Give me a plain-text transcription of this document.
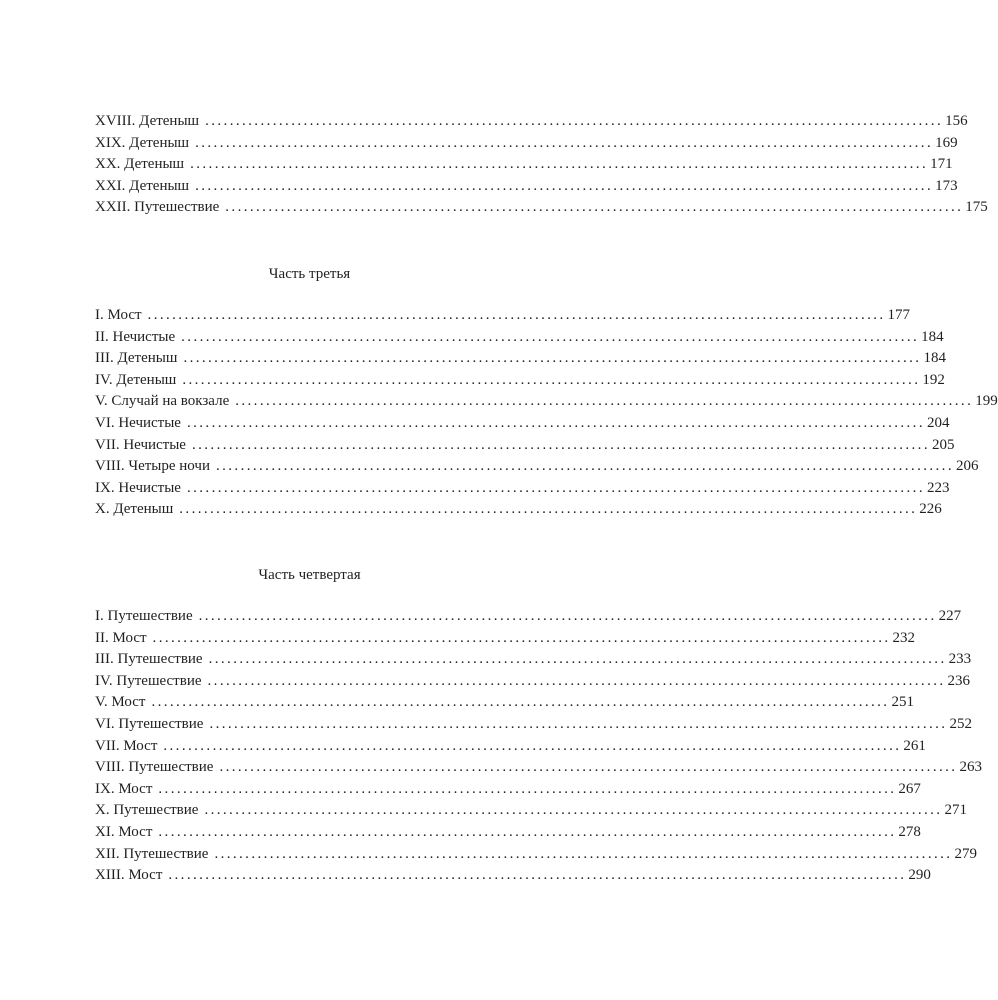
XVIII. Детеныш ........................................................................................................................ 156
XIX. Детеныш ........................................................................................................................ 169
XX. Детеныш ........................................................................................................................ 171
XXI. Детеныш ........................................................................................................................ 173
XXII. Путешествие ........................................................................................................................ 175
Часть третья
I. Мост ........................................................................................................................ 177
II. Нечистые ........................................................................................................................ 184
III. Детеныш ........................................................................................................................ 184
IV. Детеныш ........................................................................................................................ 192
V. Случай на вокзале ........................................................................................................................ 199
VI. Нечистые ........................................................................................................................ 204
VII. Нечистые ........................................................................................................................ 205
VIII. Четыре ночи ........................................................................................................................ 206
IX. Нечистые ........................................................................................................................ 223
X. Детеныш ........................................................................................................................ 226
Часть четвертая
I. Путешествие ........................................................................................................................ 227
II. Мост ........................................................................................................................ 232
III. Путешествие ........................................................................................................................ 233
IV. Путешествие ........................................................................................................................ 236
V. Мост ........................................................................................................................ 251
VI. Путешествие ........................................................................................................................ 252
VII. Мост ........................................................................................................................ 261
VIII. Путешествие ........................................................................................................................ 263
IX. Мост ........................................................................................................................ 267
X. Путешествие ........................................................................................................................ 271
XI. Мост ........................................................................................................................ 278
XII. Путешествие ........................................................................................................................ 279
XIII. Мост ........................................................................................................................ 290
